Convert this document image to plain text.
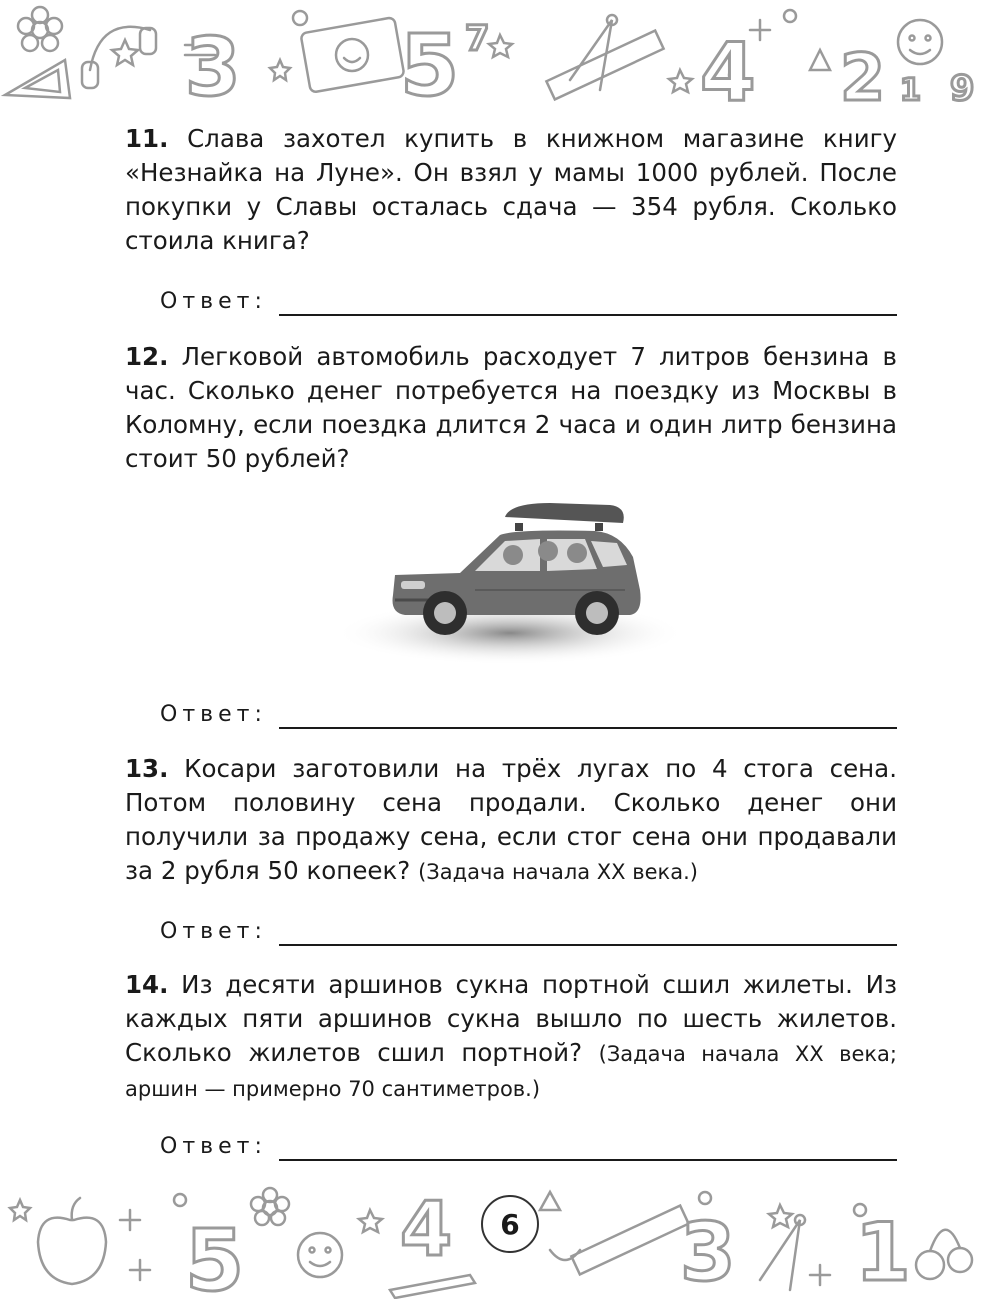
3 5 7	4 2 1 9
11. Слава захотел купить в книжном магазине книгу «Незнайка на Луне». Он взял у мамы 1000 рублей. После покупки у Славы осталась сдача — 354 рубля. Сколько стоила книга?
Ответ:
12. Легковой автомобиль расходует 7 литров бензина в час. Сколько денег потребуется на поездку из Москвы в Коломну, если поездка длится 2 часа и один литр бензина стоит 50 рублей?
Ответ:
13. Косари заготовили на трёх лугах по 4 стога сена. Потом половину сена продали. Сколько денег они получили за продажу сена, если стог сена они продавали за 2 рубля 50 копеек? (Задача начала XX века.)
Ответ:
14. Из десяти аршинов сукна портной сшил жилеты. Из каждых пяти аршинов сукна вышло по шесть жилетов. Сколько жилетов сшил портной? (Задача начала XX века; аршин — примерно 70 сантиметров.)
Ответ:
5 4	3 1
6
